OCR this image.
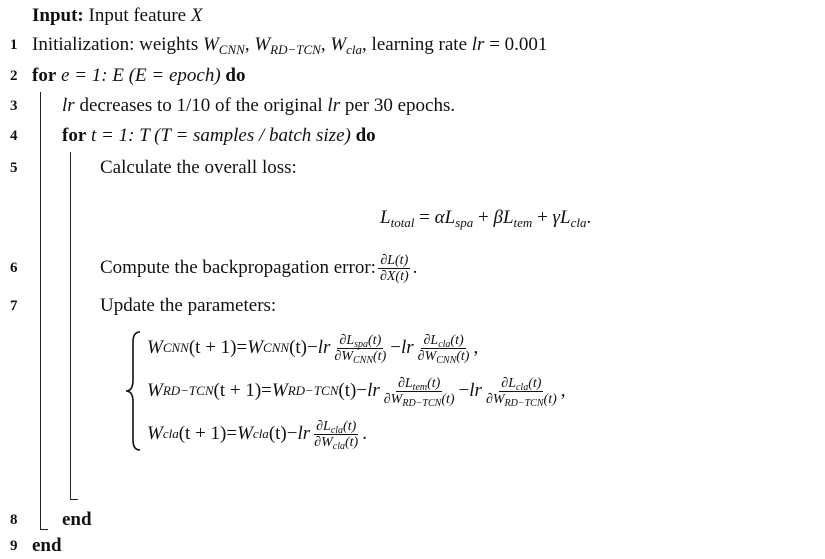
Input: Input feature X
1 Initialization: weights $W_{CNN}$, $W_{RD-TCN}$, $W_{cla}$, learning rate lr = 0.001
2 for e = 1: E (E = epoch) do
3 lr decreases to 1/10 of the original lr per 30 epochs.
4 for t = 1: T (T = samples / batch size) do
5	Calculate the overall loss:
$L_{total} = \alpha L_{spa} + \beta L_{tem} + \gamma L_{cla}$.
6	Compute the backpropagation error: $\frac{\partial L(t)}{\partial X(t)}$ .
7	Update the parameters:
W CNN (t + 1) = W CNN (t) − lr $\frac{\partial L_{spa}(t)}{\partial W_{CNN}(t)}$ − lr $\frac{\partial L_{cla}(t)}{\partial W_{CNN}(t)}$ ,
W RD−TCN (t + 1) = W RD−TCN (t) − lr $\frac{\partial L_{tem}(t)}{\partial W_{RD-TCN}(t)}$ − lr $\frac{\partial L_{cla}(t)}{\partial W_{RD-TCN}(t)}$ ,
W cla (t + 1) = W cla (t) − lr $\frac{\partial L_{cla}(t)}{\partial W_{cla}(t)}$ .
8 end
9 end
